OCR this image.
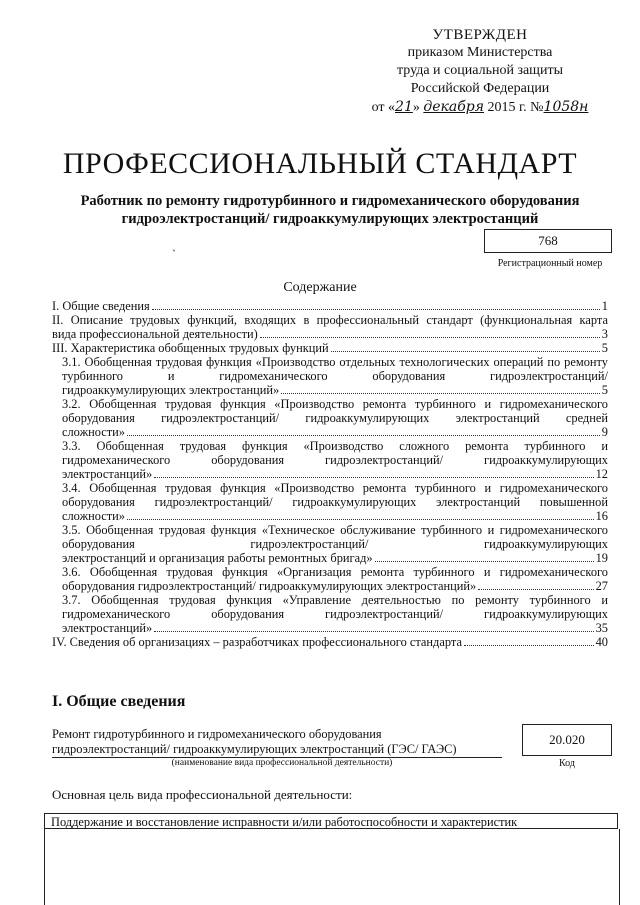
УТВЕРЖДЕН
приказом Министерства
труда и социальной защиты
Российской Федерации
от «21» декабря 2015 г. №1058н
ПРОФЕССИОНАЛЬНЫЙ СТАНДАРТ
Работник по ремонту гидротурбинного и гидромеханического оборудования
гидроэлектростанций/ гидроаккумулирующих электростанций
ˏ	768
Регистрационный номер
Содержание
I. Общие сведения	1
II. Описание трудовых функций, входящих в профессиональный стандарт (функциональная карта
вида профессиональной деятельности)	3
III. Характеристика обобщенных трудовых функций	5
3.1. Обобщенная трудовая функция «Производство отдельных технологических операций по ремонту турбинного и гидромеханического оборудования гидроэлектростанций/
гидроаккумулирующих электростанций»	5
3.2. Обобщенная трудовая функция «Производство ремонта турбинного и гидромеханического оборудования гидроэлектростанций/ гидроаккумулирующих электростанций средней
сложности»	9
3.3. Обобщенная трудовая функция «Производство сложного ремонта турбинного и гидромеханического оборудования гидроэлектростанций/ гидроаккумулирующих
электростанций»	12
3.4. Обобщенная трудовая функция «Производство ремонта турбинного и гидромеханического оборудования гидроэлектростанций/ гидроаккумулирующих электростанций повышенной
сложности»	16
3.5. Обобщенная трудовая функция «Техническое обслуживание турбинного и гидромеханического оборудования гидроэлектростанций/ гидроаккумулирующих
электростанций и организация работы ремонтных бригад»	19
3.6. Обобщенная трудовая функция «Организация ремонта турбинного и гидромеханического
оборудования гидроэлектростанций/ гидроаккумулирующих электростанций»	27
3.7. Обобщенная трудовая функция «Управление деятельностью по ремонту турбинного и гидромеханического оборудования гидроэлектростанций/ гидроаккумулирующих
электростанций»	35
IV. Сведения об организациях – разработчиках профессионального стандарта	40
I. Общие сведения
Ремонт гидротурбинного и гидромеханического оборудования
гидроэлектростанций/ гидроаккумулирующих электростанций (ГЭС/ ГАЭС)
20.020
(наименование вида профессиональной деятельности)	Код
Основная цель вида профессиональной деятельности:
Поддержание и восстановление исправности и/или работоспособности и характеристик
